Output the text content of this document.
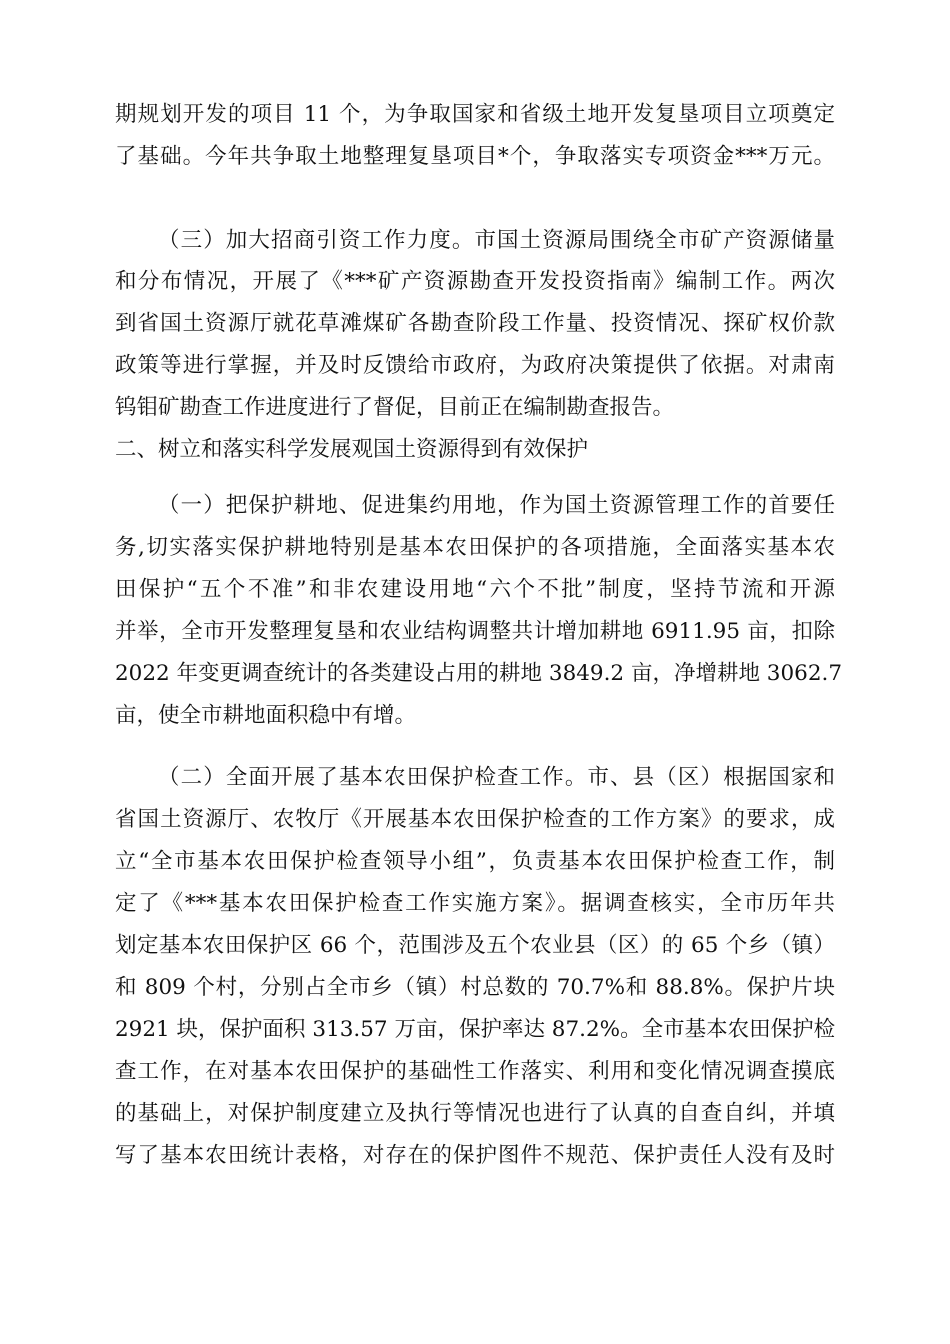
期规划开发的项目 11 个，为争取国家和省级土地开发复垦项目立项奠定
了基础。今年共争取土地整理复垦项目*个，争取落实专项资金***万元。
（三）加大招商引资工作力度。市国土资源局围绕全市矿产资源储量
和分布情况，开展了《***矿产资源勘查开发投资指南》编制工作。两次
到省国土资源厅就花草滩煤矿各勘查阶段工作量、投资情况、探矿权价款
政策等进行掌握，并及时反馈给市政府，为政府决策提供了依据。对肃南
钨钼矿勘查工作进度进行了督促，目前正在编制勘查报告。
二、树立和落实科学发展观国土资源得到有效保护
（一）把保护耕地、促进集约用地，作为国土资源管理工作的首要任
务,切实落实保护耕地特别是基本农田保护的各项措施，全面落实基本农
田保护“五个不准”和非农建设用地“六个不批”制度，坚持节流和开源
并举，全市开发整理复垦和农业结构调整共计增加耕地 6911.95 亩，扣除
2022 年变更调查统计的各类建设占用的耕地 3849.2 亩，净增耕地 3062.7
亩，使全市耕地面积稳中有增。
（二）全面开展了基本农田保护检查工作。市、县（区）根据国家和
省国土资源厅、农牧厅《开展基本农田保护检查的工作方案》的要求，成
立“全市基本农田保护检查领导小组”，负责基本农田保护检查工作，制
定了《***基本农田保护检查工作实施方案》。据调查核实，全市历年共
划定基本农田保护区 66 个，范围涉及五个农业县（区）的 65 个乡（镇）
和 809 个村，分别占全市乡（镇）村总数的 70.7%和 88.8%。保护片块
2921 块，保护面积 313.57 万亩，保护率达 87.2%。全市基本农田保护检
查工作，在对基本农田保护的基础性工作落实、利用和变化情况调查摸底
的基础上，对保护制度建立及执行等情况也进行了认真的自查自纠，并填
写了基本农田统计表格，对存在的保护图件不规范、保护责任人没有及时
